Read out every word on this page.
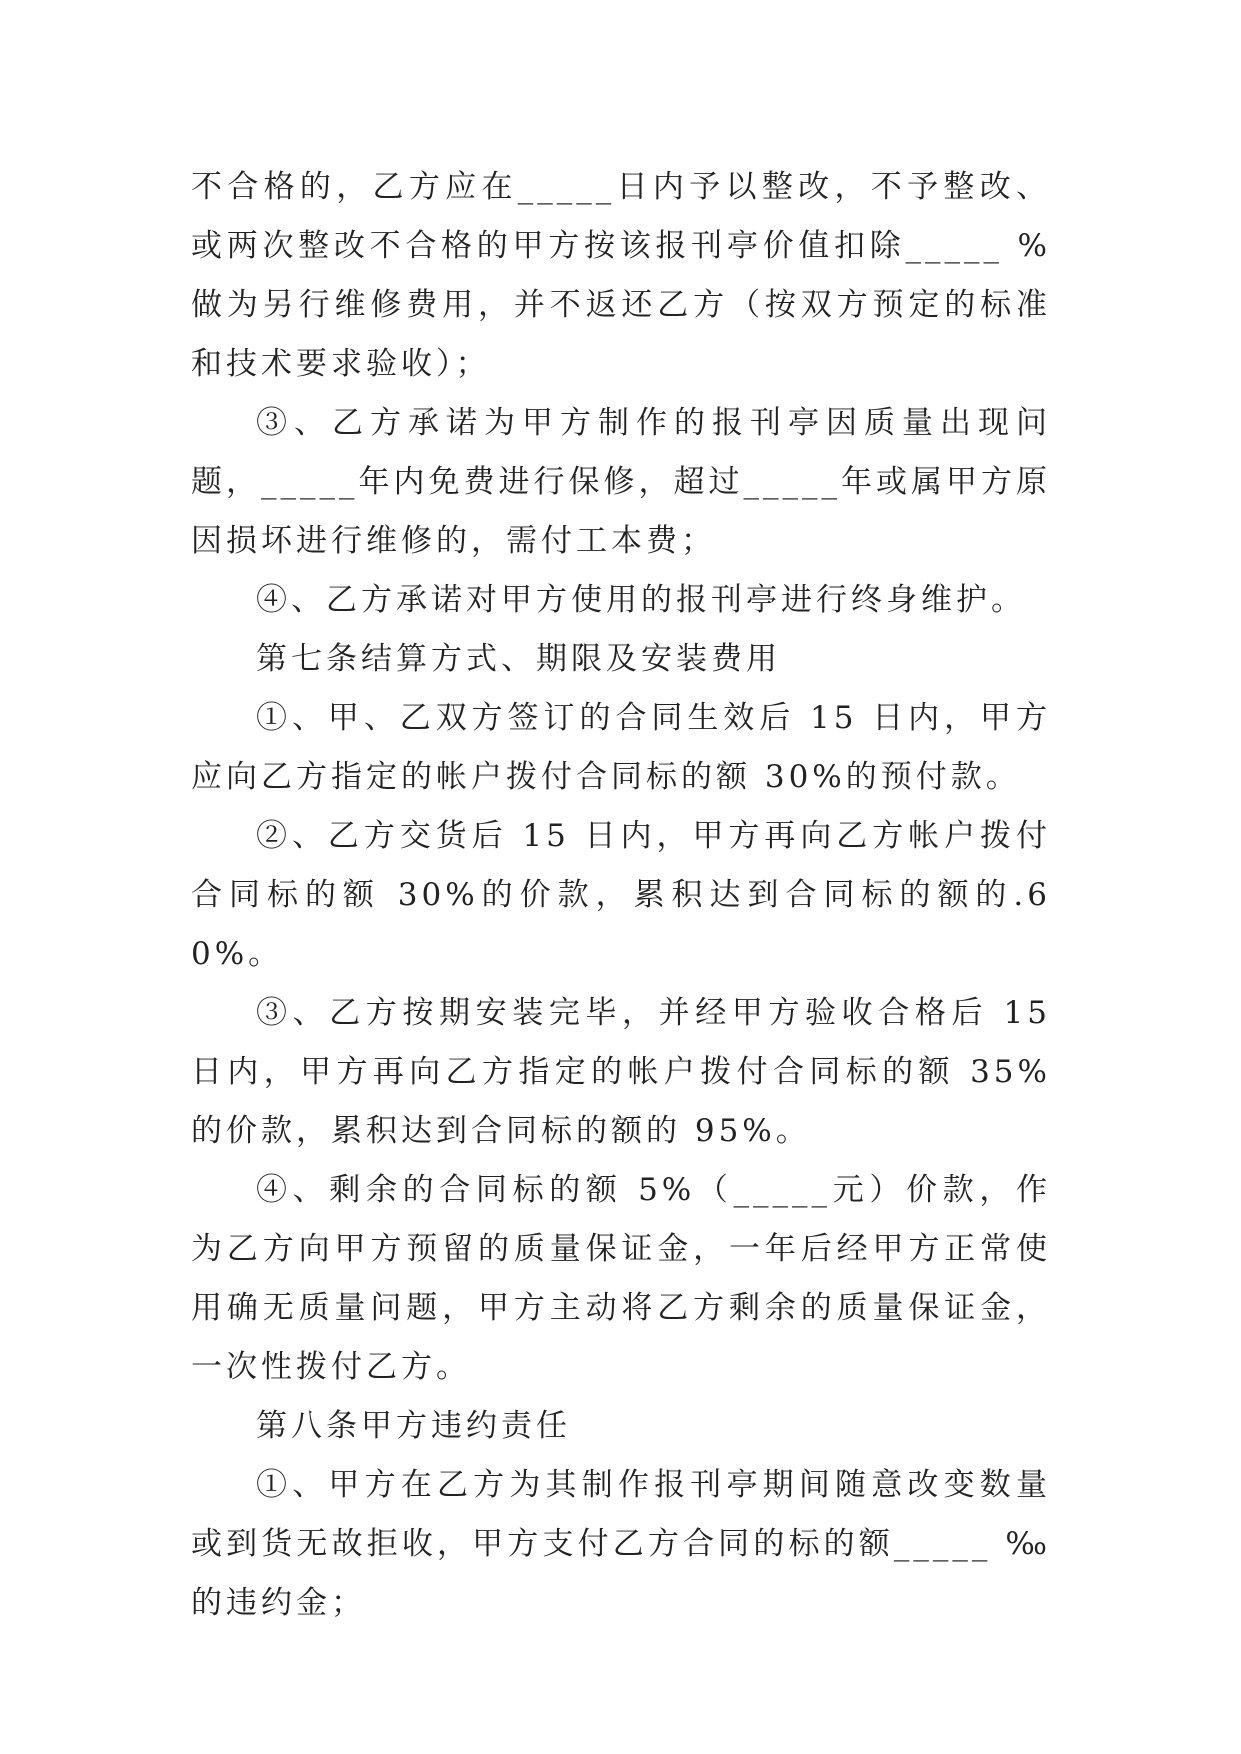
不合格的，乙方应在_____日内予以整改，不予整改、或两次整改不合格的甲方按该报刊亭价值扣除_____ %做为另行维修费用，并不返还乙方（按双方预定的标准和技术要求验收）；

③、乙方承诺为甲方制作的报刊亭因质量出现问题，_____年内免费进行保修，超过_____年或属甲方原因损坏进行维修的，需付工本费；

④、乙方承诺对甲方使用的报刊亭进行终身维护。

第七条结算方式、期限及安装费用

①、甲、乙双方签订的合同生效后 15 日内，甲方应向乙方指定的帐户拨付合同标的额 30%的预付款。

②、乙方交货后 15 日内，甲方再向乙方帐户拨付合同标的额 30%的价款，累积达到合同标的额的.60%。

③、乙方按期安装完毕，并经甲方验收合格后 15 日内，甲方再向乙方指定的帐户拨付合同标的额 35%的价款，累积达到合同标的额的 95%。

④、剩余的合同标的额 5%（_____元）价款，作为乙方向甲方预留的质量保证金，一年后经甲方正常使用确无质量问题，甲方主动将乙方剩余的质量保证金，一次性拨付乙方。

第八条甲方违约责任

①、甲方在乙方为其制作报刊亭期间随意改变数量或到货无故拒收，甲方支付乙方合同的标的额_____ ‰的违约金；
